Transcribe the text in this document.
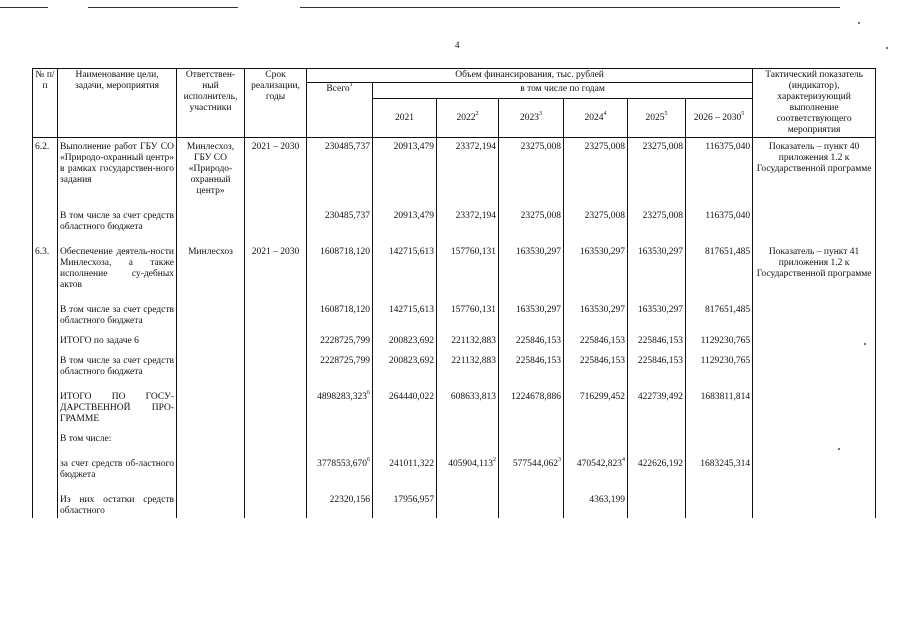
4
№ п/п	Наименование цели, задачи, мероприятия	Ответствен-ный исполнитель, участники	Срок реализации, годы	Объем финансирования, тыс. рублей							Тактический показатель (индикатор), характеризующий выполнение соответствующего мероприятия
				Всего$^1$	в том числе по годам						
					2021	2022$^2$	2023$^3$	2024$^4$	2025$^5$	2026 – 2030$^5$
6.2.	Выполнение работ ГБУ СО «Природо-охранный центр» в рамках государствен-ного задания	Минлесхоз, ГБУ СО «Природо-охранный центр»	2021 – 2030	230485,737	20913,479	23372,194	23275,008	23275,008	23275,008	116375,040	Показатель – пункт 40 приложения 1.2 к Государственной программе
	В том числе за счет средств областного бюджета			230485,737	20913,479	23372,194	23275,008	23275,008	23275,008	116375,040	
6.3.	Обеспечение деятель-ности Минлесхоза, а также исполнение су-дебных актов	Минлесхоз	2021 – 2030	1608718,120	142715,613	157760,131	163530,297	163530,297	163530,297	817651,485	Показатель – пункт 41 приложения 1.2 к Государственной программе
	В том числе за счет средств областного бюджета			1608718,120	142715,613	157760,131	163530,297	163530,297	163530,297	817651,485	
	ИТОГО по задаче 6			2228725,799	200823,692	221132,883	225846,153	225846,153	225846,153	1129230,765	
	В том числе за счет средств областного бюджета			2228725,799	200823,692	221132,883	225846,153	225846,153	225846,153	1129230,765	
	ИТОГО ПО ГОСУ-ДАРСТВЕННОЙ ПРО-ГРАММЕ			4898283,323$^6$	264440,022	608633,813	1224678,886	716299,452	422739,492	1683811,814	
	В том числе:										
	за счет средств об-ластного бюджета			3778553,670$^6$	241011,322	405904,113$^2$	577544,062$^3$	470542,823$^4$	422626,192	1683245,314	
	Из них остатки средств областного			22320,156	17956,957			4363,199			
